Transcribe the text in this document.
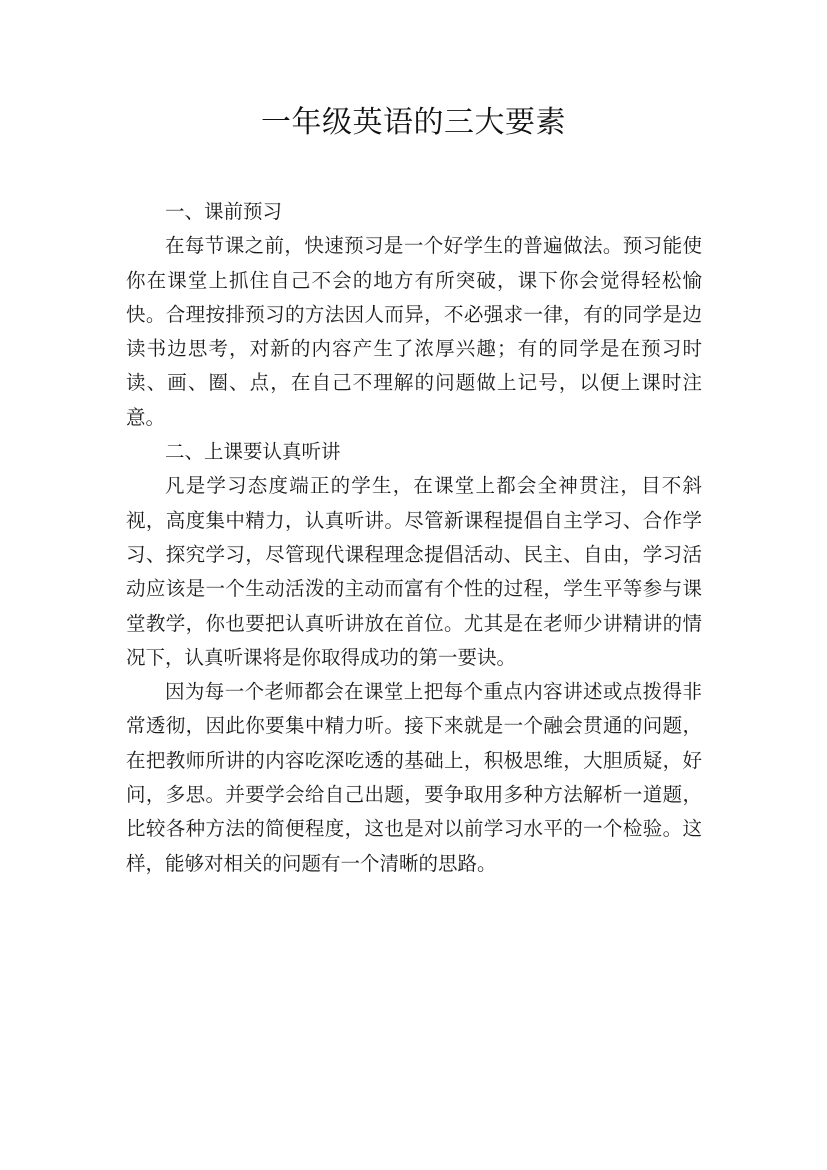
一年级英语的三大要素

一、课前预习

在每节课之前，快速预习是一个好学生的普遍做法。预习能使你在课堂上抓住自己不会的地方有所突破，课下你会觉得轻松愉快。合理按排预习的方法因人而异，不必强求一律，有的同学是边读书边思考，对新的内容产生了浓厚兴趣；有的同学是在预习时读、画、圈、点，在自己不理解的问题做上记号，以便上课时注意。

二、上课要认真听讲

凡是学习态度端正的学生，在课堂上都会全神贯注，目不斜视，高度集中精力，认真听讲。尽管新课程提倡自主学习、合作学习、探究学习，尽管现代课程理念提倡活动、民主、自由，学习活动应该是一个生动活泼的主动而富有个性的过程，学生平等参与课堂教学，你也要把认真听讲放在首位。尤其是在老师少讲精讲的情况下，认真听课将是你取得成功的第一要诀。

因为每一个老师都会在课堂上把每个重点内容讲述或点拨得非常透彻，因此你要集中精力听。接下来就是一个融会贯通的问题，在把教师所讲的内容吃深吃透的基础上，积极思维，大胆质疑，好问，多思。并要学会给自己出题，要争取用多种方法解析一道题，比较各种方法的简便程度，这也是对以前学习水平的一个检验。这样，能够对相关的问题有一个清晰的思路。
